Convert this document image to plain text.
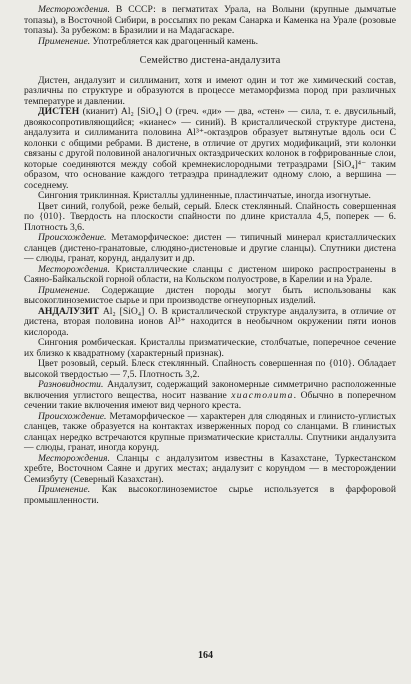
Месторождения. В СССР: в пегматитах Урала, на Волыни (крупные дымчатые топазы), в Восточной Сибири, в россыпях по рекам Санарка и Каменка на Урале (розовые топазы). За рубежом: в Бразилии и на Мадагаскаре.

Применение. Употребляется как драгоценный камень.

Семейство дистена-андалузита

Дистен, андалузит и силлиманит, хотя и имеют один и тот же химический состав, различны по структуре и образуются в процессе метаморфизма пород при различных температуре и давлении.

ДИСТЕН (кианит) Al₂ [SiO₄] O (греч. «ди» — два, «стен» — сила, т. е. двусильный, двоякосопротивляющийся; «кианес» — синий). В кристаллической структуре дистена, андалузита и силлиманита половина Al³⁺-октаэдров образует вытянутые вдоль оси С колонки с общими ребрами. В дистене, в отличие от других модификаций, эти колонки связаны с другой половиной аналогичных октаэдрических колонок в гофрированные слои, которые соединяются между собой кремнекислородными тетраэдрами [SiO₄]⁴⁻ таким образом, что основание каждого тетраэдра принадлежит одному слою, а вершина — соседнему.

Сингония триклинная. Кристаллы удлиненные, пластинчатые, иногда изогнутые.

Цвет синий, голубой, реже белый, серый. Блеск стеклянный. Спайность совершенная по {010}. Твердость на плоскости спайности по длине кристалла 4,5, поперек — 6. Плотность 3,6.

Происхождение. Метаморфическое: дистен — типичный минерал кристаллических сланцев (дистено-гранатовые, слюдяно-дистеновые и другие сланцы). Спутники дистена — слюды, гранат, корунд, андалузит и др.

Месторождения. Кристаллические сланцы с дистеном широко распространены в Саяно-Байкальской горной области, на Кольском полуострове, в Карелии и на Урале.

Применение. Содержащие дистен породы могут быть использованы как высокоглиноземистое сырье и при производстве огнеупорных изделий.

АНДАЛУЗИТ Al₂ [SiO₄] O. В кристаллической структуре андалузита, в отличие от дистена, вторая половина ионов Al³⁺ находится в необычном окружении пяти ионов кислорода.

Сингония ромбическая. Кристаллы призматические, столбчатые, поперечное сечение их близко к квадратному (характерный признак).

Цвет розовый, серый. Блеск стеклянный. Спайность совершенная по {010}. Обладает высокой твердостью — 7,5. Плотность 3,2.

Разновидности. Андалузит, содержащий закономерные симметрично расположенные включения углистого вещества, носит название хиастолита. Обычно в поперечном сечении такие включения имеют вид черного креста.

Происхождение. Метаморфическое — характерен для слюдяных и глинисто-углистых сланцев, также образуется на контактах изверженных пород со сланцами. В глинистых сланцах нередко встречаются крупные призматические кристаллы. Спутники андалузита — слюды, гранат, иногда корунд.

Месторождения. Сланцы с андалузитом известны в Казахстане, Туркестанском хребте, Восточном Саяне и других местах; андалузит с корундом — в месторождении Семизбуту (Северный Казахстан).

Применение. Как высокоглиноземистое сырье используется в фарфоровой промышленности.

164
